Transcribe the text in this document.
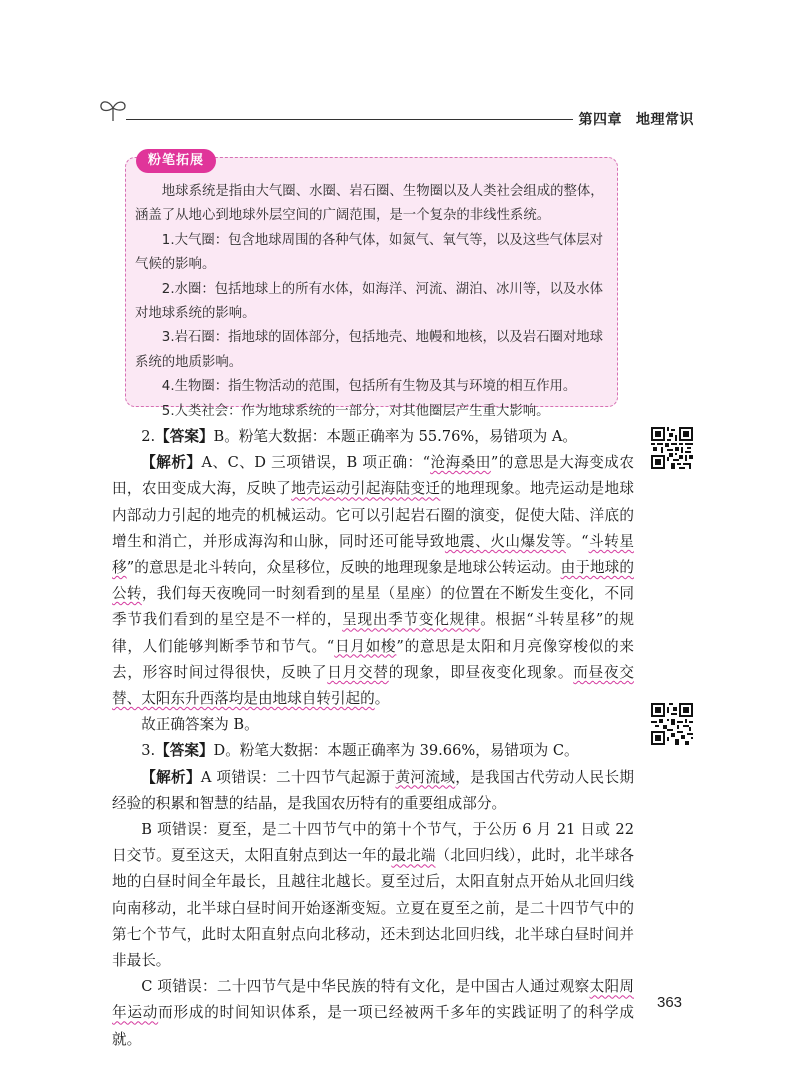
第四章 地理常识
粉笔拓展

地球系统是指由大气圈、水圈、岩石圈、生物圈以及人类社会组成的整体，涵盖了从地心到地球外层空间的广阔范围，是一个复杂的非线性系统。

1.大气圈：包含地球周围的各种气体，如氮气、氧气等，以及这些气体层对气候的影响。

2.水圈：包括地球上的所有水体，如海洋、河流、湖泊、冰川等，以及水体对地球系统的影响。

3.岩石圈：指地球的固体部分，包括地壳、地幔和地核，以及岩石圈对地球系统的地质影响。

4.生物圈：指生物活动的范围，包括所有生物及其与环境的相互作用。

5.人类社会：作为地球系统的一部分，对其他圈层产生重大影响。

2.【答案】B。粉笔大数据：本题正确率为 55.76%，易错项为 A。

【解析】A、C、D 三项错误，B 项正确：“沧海桑田”的意思是大海变成农田，农田变成大海，反映了地壳运动引起海陆变迁的地理现象。地壳运动是地球内部动力引起的地壳的机械运动。它可以引起岩石圈的演变，促使大陆、洋底的增生和消亡，并形成海沟和山脉，同时还可能导致地震、火山爆发等。“斗转星移”的意思是北斗转向，众星移位，反映的地理现象是地球公转运动。由于地球的公转，我们每天夜晚同一时刻看到的星星（星座）的位置在不断发生变化，不同季节我们看到的星空是不一样的，呈现出季节变化规律。根据“斗转星移”的规律，人们能够判断季节和节气。“日月如梭”的意思是太阳和月亮像穿梭似的来去，形容时间过得很快，反映了日月交替的现象，即昼夜变化现象。而昼夜交替、太阳东升西落均是由地球自转引起的。

故正确答案为 B。

3.【答案】D。粉笔大数据：本题正确率为 39.66%，易错项为 C。

【解析】A 项错误：二十四节气起源于黄河流域，是我国古代劳动人民长期经验的积累和智慧的结晶，是我国农历特有的重要组成部分。

B 项错误：夏至，是二十四节气中的第十个节气，于公历 6 月 21 日或 22 日交节。夏至这天，太阳直射点到达一年的最北端（北回归线），此时，北半球各地的白昼时间全年最长，且越往北越长。夏至过后，太阳直射点开始从北回归线向南移动，北半球白昼时间开始逐渐变短。立夏在夏至之前，是二十四节气中的第七个节气，此时太阳直射点向北移动，还未到达北回归线，北半球白昼时间并非最长。

C 项错误：二十四节气是中华民族的特有文化，是中国古人通过观察太阳周年运动而形成的时间知识体系，是一项已经被两千多年的实践证明了的科学成就。

363
